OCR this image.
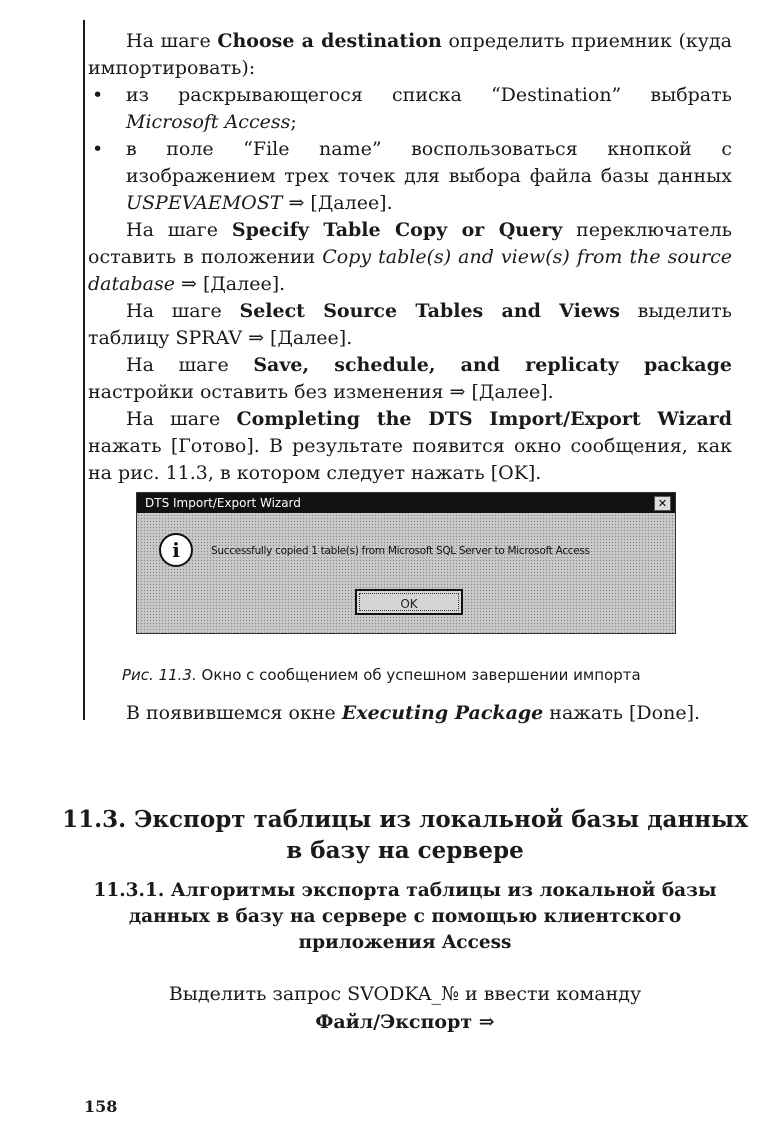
На шаге Choose a destination определить приемник (куда импортировать):

• из раскрывающегося списка “Destination” выбрать Microsoft Access;

• в поле “File name” воспользоваться кнопкой с изображением трех точек для выбора файла базы данных USPEVAEMOST ⇒ [Далее].

На шаге Specify Table Copy or Query переключатель оставить в положении Copy table(s) and view(s) from the source database ⇒ [Далее].

На шаге Select Source Tables and Views выделить таблицу SPRAV ⇒ [Далее].

На шаге Save, schedule, and replicaty package настройки оставить без изменения ⇒ [Далее].

На шаге Completing the DTS Import/Export Wizard нажать [Готово]. В результате появится окно сообщения, как на рис. 11.3, в котором следует нажать [OK].

DTS Import/Export Wizard	✕
i	Successfully copied 1 table(s) from Microsoft SQL Server to Microsoft Access
OK
Рис. 11.3. Окно с сообщением об успешном завершении импорта
В появившемся окне Executing Package нажать [Done].
11.3. Экспорт таблицы из локальной базы данных в базу на сервере
11.3.1. Алгоритмы экспорта таблицы из локальной базы данных в базу на сервере с помощью клиентского приложения Access
Выделить запрос SVODKA_№ и ввести команду
Файл/Экспорт ⇒
158
